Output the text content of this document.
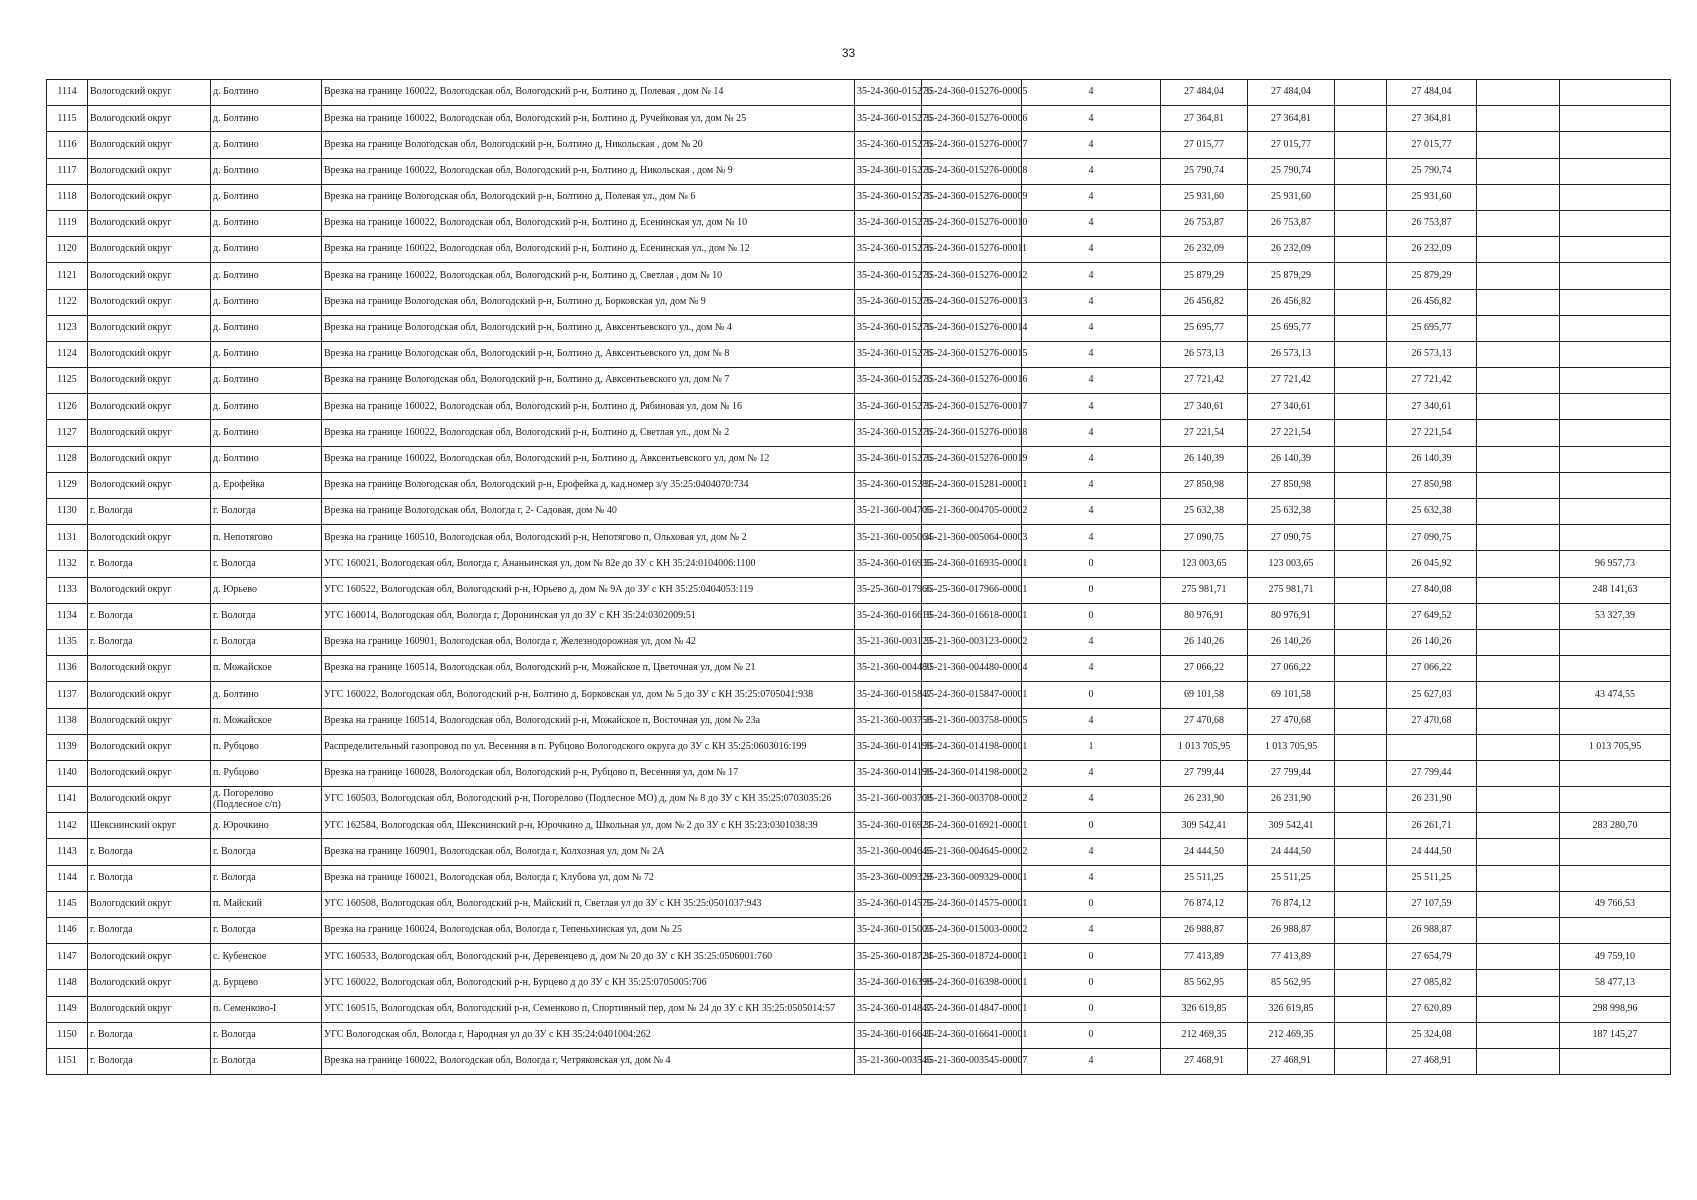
33
1114	Вологодский округ	д. Болтино	Врезка на границе 160022, Вологодская обл, Вологодский р-н, Болтино д, Полевая , дом № 14	35-24-360-015276	35-24-360-015276-00005	4	27 484,04	27 484,04		27 484,04		
1115	Вологодский округ	д. Болтино	Врезка на границе 160022, Вологодская обл, Вологодский р-н, Болтино д, Ручейковая ул, дом № 25	35-24-360-015276	35-24-360-015276-00006	4	27 364,81	27 364,81		27 364,81		
1116	Вологодский округ	д. Болтино	Врезка на границе Вологодская обл, Вологодский р-н, Болтино д, Никольская , дом № 20	35-24-360-015276	35-24-360-015276-00007	4	27 015,77	27 015,77		27 015,77		
1117	Вологодский округ	д. Болтино	Врезка на границе 160022, Вологодская обл, Вологодский р-н, Болтино д, Никольская , дом № 9	35-24-360-015276	35-24-360-015276-00008	4	25 790,74	25 790,74		25 790,74		
1118	Вологодский округ	д. Болтино	Врезка на границе Вологодская обл, Вологодский р-н, Болтино д, Полевая ул., дом № 6	35-24-360-015276	35-24-360-015276-00009	4	25 931,60	25 931,60		25 931,60		
1119	Вологодский округ	д. Болтино	Врезка на границе 160022, Вологодская обл, Вологодский р-н, Болтино д, Есенинская ул, дом № 10	35-24-360-015276	35-24-360-015276-00010	4	26 753,87	26 753,87		26 753,87		
1120	Вологодский округ	д. Болтино	Врезка на границе 160022, Вологодская обл, Вологодский р-н, Болтино д, Есенинская ул., дом № 12	35-24-360-015276	35-24-360-015276-00011	4	26 232,09	26 232,09		26 232,09		
1121	Вологодский округ	д. Болтино	Врезка на границе 160022, Вологодская обл, Вологодский р-н, Болтино д, Светлая , дом № 10	35-24-360-015276	35-24-360-015276-00012	4	25 879,29	25 879,29		25 879,29		
1122	Вологодский округ	д. Болтино	Врезка на границе Вологодская обл, Вологодский р-н, Болтино д, Борковская ул, дом № 9	35-24-360-015276	35-24-360-015276-00013	4	26 456,82	26 456,82		26 456,82		
1123	Вологодский округ	д. Болтино	Врезка на границе Вологодская обл, Вологодский р-н, Болтино д, Авксентьевского ул., дом № 4	35-24-360-015276	35-24-360-015276-00014	4	25 695,77	25 695,77		25 695,77		
1124	Вологодский округ	д. Болтино	Врезка на границе Вологодская обл, Вологодский р-н, Болтино д, Авксентьевского ул, дом № 8	35-24-360-015276	35-24-360-015276-00015	4	26 573,13	26 573,13		26 573,13		
1125	Вологодский округ	д. Болтино	Врезка на границе Вологодская обл, Вологодский р-н, Болтино д, Авксентьевского ул, дом № 7	35-24-360-015276	35-24-360-015276-00016	4	27 721,42	27 721,42		27 721,42		
1126	Вологодский округ	д. Болтино	Врезка на границе 160022, Вологодская обл, Вологодский р-н, Болтино д, Рябиновая ул, дом № 16	35-24-360-015276	35-24-360-015276-00017	4	27 340,61	27 340,61		27 340,61		
1127	Вологодский округ	д. Болтино	Врезка на границе 160022, Вологодская обл, Вологодский р-н, Болтино д, Светлая ул., дом № 2	35-24-360-015276	35-24-360-015276-00018	4	27 221,54	27 221,54		27 221,54		
1128	Вологодский округ	д. Болтино	Врезка на границе 160022, Вологодская обл, Вологодский р-н, Болтино д, Авксентьевского ул, дом № 12	35-24-360-015276	35-24-360-015276-00019	4	26 140,39	26 140,39		26 140,39		
1129	Вологодский округ	д. Ерофейка	Врезка на границе Вологодская обл, Вологодский р-н, Ерофейка д, кад.номер з/у 35:25:0404070:734	35-24-360-015281	35-24-360-015281-00001	4	27 850,98	27 850,98		27 850,98		
1130	г. Вологда	г. Вологда	Врезка на границе Вологодская обл, Вологда г, 2- Садовая, дом № 40	35-21-360-004705	35-21-360-004705-00002	4	25 632,38	25 632,38		25 632,38		
1131	Вологодский округ	п. Непотягово	Врезка на границе 160510, Вологодская обл, Вологодский р-н, Непотягово п, Ольховая ул, дом № 2	35-21-360-005064	35-21-360-005064-00003	4	27 090,75	27 090,75		27 090,75		
1132	г. Вологда	г. Вологда	УГС 160021, Вологодская обл, Вологда г, Ананьинская ул, дом № 82е до ЗУ с КН 35:24:0104006:1100	35-24-360-016935	35-24-360-016935-00001	0	123 003,65	123 003,65		26 045,92		96 957,73
1133	Вологодский округ	д. Юрьево	УГС 160522, Вологодская обл, Вологодский р-н, Юрьево д, дом № 9А до ЗУ с КН 35:25:0404053:119	35-25-360-017966	35-25-360-017966-00001	0	275 981,71	275 981,71		27 840,08		248 141,63
1134	г. Вологда	г. Вологда	УГС 160014, Вологодская обл, Вологда г, Доронинская ул до ЗУ с КН 35:24:0302009:51	35-24-360-016618	35-24-360-016618-00001	0	80 976,91	80 976,91		27 649,52		53 327,39
1135	г. Вологда	г. Вологда	Врезка на границе 160901, Вологодская обл, Вологда г, Железнодорожная ул, дом № 42	35-21-360-003123	35-21-360-003123-00002	4	26 140,26	26 140,26		26 140,26		
1136	Вологодский округ	п. Можайское	Врезка на границе 160514, Вологодская обл, Вологодский р-н, Можайское п, Цветочная ул, дом № 21	35-21-360-004480	35-21-360-004480-00004	4	27 066,22	27 066,22		27 066,22		
1137	Вологодский округ	д. Болтино	УГС 160022, Вологодская обл, Вологодский р-н, Болтино д, Борковская ул, дом № 5 до ЗУ с КН 35:25:0705041:938	35-24-360-015847	35-24-360-015847-00001	0	69 101,58	69 101,58		25 627,03		43 474,55
1138	Вологодский округ	п. Можайское	Врезка на границе 160514, Вологодская обл, Вологодский р-н, Можайское п, Восточная ул, дом № 23а	35-21-360-003758	35-21-360-003758-00005	4	27 470,68	27 470,68		27 470,68		
1139	Вологодский округ	п. Рубцово	Распределительный газопровод по ул. Весенняя в п. Рубцово Вологодского округа до ЗУ с КН 35:25:0603016:199	35-24-360-014198	35-24-360-014198-00001	1	1 013 705,95	1 013 705,95				1 013 705,95
1140	Вологодский округ	п. Рубцово	Врезка на границе 160028, Вологодская обл, Вологодский р-н, Рубцово п, Весенняя ул, дом № 17	35-24-360-014198	35-24-360-014198-00002	4	27 799,44	27 799,44		27 799,44		
1141	Вологодский округ	д. Погорелово (Подлесное с/п)	УГС 160503, Вологодская обл, Вологодский р-н, Погорелово (Подлесное МО) д, дом № 8 до ЗУ с КН 35:25:0703035:26	35-21-360-003708	35-21-360-003708-00002	4	26 231,90	26 231,90		26 231,90		
1142	Шекснинский округ	д. Юрочкино	УГС 162584, Вологодская обл, Шекснинский р-н, Юрочкино д, Школьная ул, дом № 2 до ЗУ с КН 35:23:0301038:39	35-24-360-016921	35-24-360-016921-00001	0	309 542,41	309 542,41		26 261,71		283 280,70
1143	г. Вологда	г. Вологда	Врезка на границе 160901, Вологодская обл, Вологда г, Колхозная ул, дом № 2А	35-21-360-004645	35-21-360-004645-00002	4	24 444,50	24 444,50		24 444,50		
1144	г. Вологда	г. Вологда	Врезка на границе 160021, Вологодская обл, Вологда г, Клубова ул, дом № 72	35-23-360-009329	35-23-360-009329-00001	4	25 511,25	25 511,25		25 511,25		
1145	Вологодский округ	п. Майский	УГС 160508, Вологодская обл, Вологодский р-н, Майский п, Светлая ул до ЗУ с КН 35:25:0501037:943	35-24-360-014575	35-24-360-014575-00001	0	76 874,12	76 874,12		27 107,59		49 766,53
1146	г. Вологда	г. Вологда	Врезка на границе 160024, Вологодская обл, Вологда г, Тепеньхинская ул, дом № 25	35-24-360-015003	35-24-360-015003-00002	4	26 988,87	26 988,87		26 988,87		
1147	Вологодский округ	с. Кубенское	УГС 160533, Вологодская обл, Вологодский р-н, Деревенцево д, дом № 20 до ЗУ с КН 35:25:0506001:760	35-25-360-018724	35-25-360-018724-00001	0	77 413,89	77 413,89		27 654,79		49 759,10
1148	Вологодский округ	д. Бурцево	УГС 160022, Вологодская обл, Вологодский р-н, Бурцево д до ЗУ с КН 35:25:0705005:706	35-24-360-016398	35-24-360-016398-00001	0	85 562,95	85 562,95		27 085,82		58 477,13
1149	Вологодский округ	п. Семенково-I	УГС 160515, Вологодская обл, Вологодский р-н, Семенково п, Спортивный пер, дом № 24 до ЗУ с КН 35:25:0505014:57	35-24-360-014847	35-24-360-014847-00001	0	326 619,85	326 619,85		27 620,89		298 998,96
1150	г. Вологда	г. Вологда	УГС Вологодская обл, Вологда г, Народная ул до ЗУ с КН 35:24:0401004:262	35-24-360-016641	35-24-360-016641-00001	0	212 469,35	212 469,35		25 324,08		187 145,27
1151	г. Вологда	г. Вологда	Врезка на границе 160022, Вологодская обл, Вологда г, Четряковская ул, дом № 4	35-21-360-003545	35-21-360-003545-00007	4	27 468,91	27 468,91		27 468,91		
